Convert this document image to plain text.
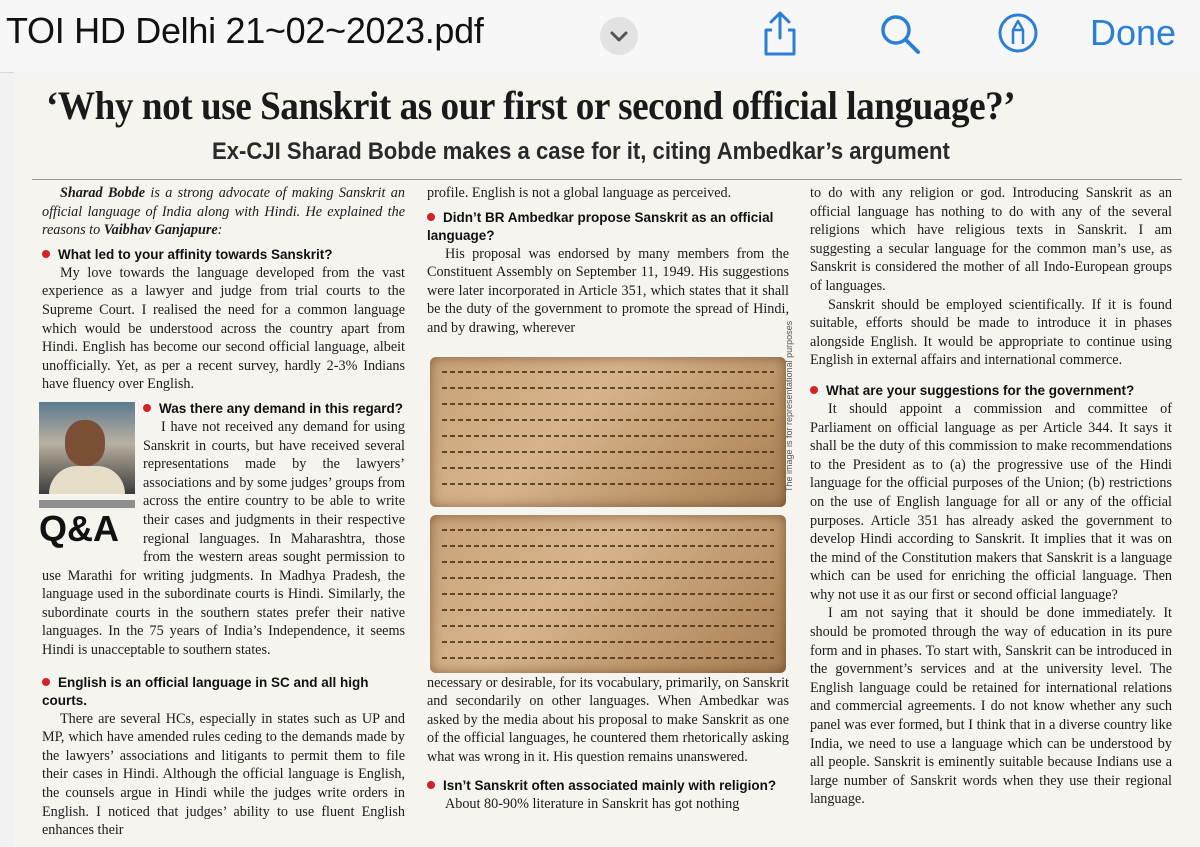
TOI HD Delhi 21~02~2023.pdf	Done
‘Why not use Sanskrit as our first or second official language?’
Ex-CJI Sharad Bobde makes a case for it, citing Ambedkar’s argument

Sharad Bobde is a strong advocate of making Sanskrit an official language of India along with Hindi. He explained the reasons to Vaibhav Ganjapure:

What led to your affinity towards Sanskrit?

My love towards the language developed from the vast experience as a lawyer and judge from trial courts to the Supreme Court. I realised the need for a common language which would be understood across the country apart from Hindi. English has become our second official language, albeit unofficially. Yet, as per a recent survey, hardly 2-3% Indians have fluency over English.

Q&A
Was there any demand in this regard?

I have not received any demand for using Sanskrit in courts, but have received several representations made by the lawyers’ associations and by some judges’ groups from across the entire country to be able to write their cases and judgments in their respective regional languages. In Maharashtra, those from the western areas sought permission to use Marathi for writing judgments. In Madhya Pradesh, the language used in the subordinate courts is Hindi. Similarly, the subordinate courts in the southern states prefer their native languages. In the 75 years of India’s Independence, it seems Hindi is unacceptable to southern states.

English is an official language in SC and all high courts.

There are several HCs, especially in states such as UP and MP, which have amended rules ceding to the demands made by the lawyers’ associations and litigants to permit them to file their cases in Hindi. Although the official language is English, the counsels argue in Hindi while the judges write orders in English. I noticed that judges’ ability to use fluent English enhances their

profile. English is not a global language as perceived.

Didn’t BR Ambedkar propose Sanskrit as an official language?

His proposal was endorsed by many members from the Constituent Assembly on September 11, 1949. His suggestions were later incorporated in Article 351, which states that it shall be the duty of the government to promote the spread of Hindi, and by drawing, wherever

necessary or desirable, for its vocabulary, primarily, on Sanskrit and secondarily on other languages. When Ambedkar was asked by the media about his proposal to make Sanskrit as one of the official languages, he countered them rhetorically asking what was wrong in it. His question remains unanswered.

Isn’t Sanskrit often associated mainly with religion?

About 80-90% literature in Sanskrit has got nothing

The image is for representational purposes

to do with any religion or god. Introducing Sanskrit as an official language has nothing to do with any of the several religions which have religious texts in Sanskrit. I am suggesting a secular language for the common man’s use, as Sanskrit is considered the mother of all Indo-European groups of languages.

Sanskrit should be employed scientifically. If it is found suitable, efforts should be made to introduce it in phases alongside English. It would be appropriate to continue using English in external affairs and international commerce.

What are your suggestions for the government?

It should appoint a commission and committee of Parliament on official language as per Article 344. It says it shall be the duty of this commission to make recommendations to the President as to (a) the progressive use of the Hindi language for the official purposes of the Union; (b) restrictions on the use of English language for all or any of the official purposes. Article 351 has already asked the government to develop Hindi according to Sanskrit. It implies that it was on the mind of the Constitution makers that Sanskrit is a language which can be used for enriching the official language. Then why not use it as our first or second official language?

I am not saying that it should be done immediately. It should be promoted through the way of education in its pure form and in phases. To start with, Sanskrit can be introduced in the government’s services and at the university level. The English language could be retained for international relations and commercial agreements. I do not know whether any such panel was ever formed, but I think that in a diverse country like India, we need to use a language which can be understood by all people. Sanskrit is eminently suitable because Indians use a large number of Sanskrit words when they use their regional language.
